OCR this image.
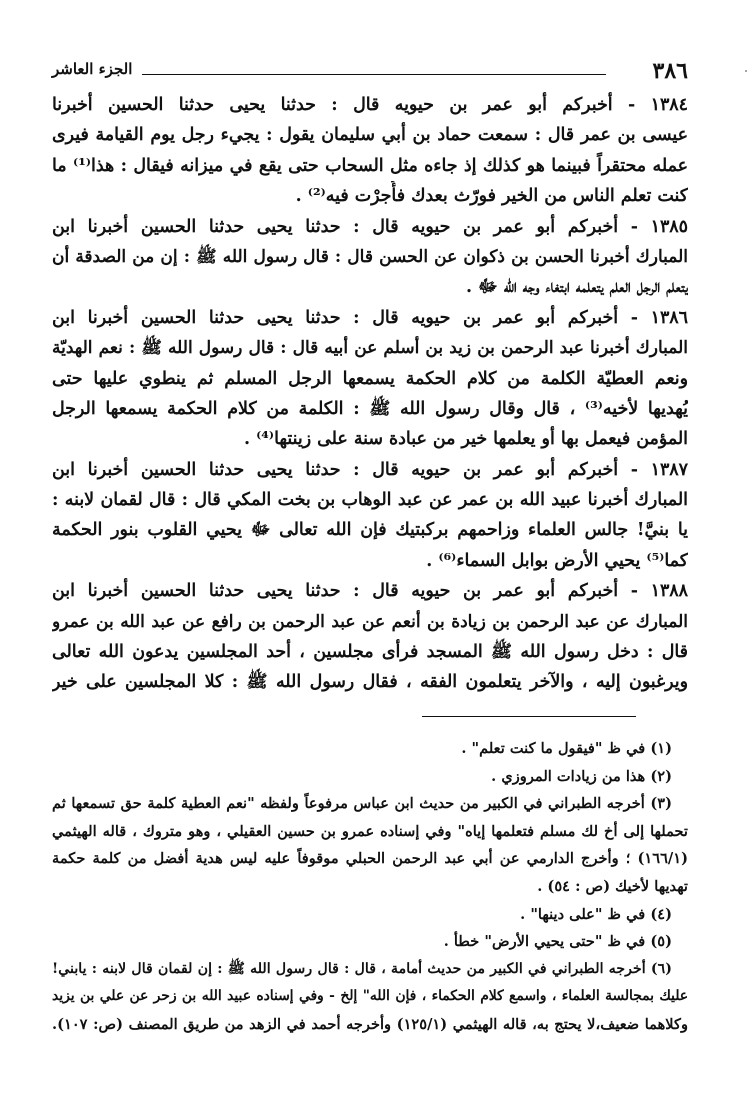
٣٨٦
الجزء العاشر
١٣٨٤ - أخبركم أبو عمر بن حيويه قال : حدثنا يحيى حدثنا الحسين أخبرنا
عيسى بن عمر قال : سمعت حماد بن أبي سليمان يقول : يجيء رجل يوم القيامة فيرى
عمله محتقراً فبينما هو كذلك إذ جاءه مثل السحاب حتى يقع في ميزانه فيقال : هذا⁽¹⁾ ما
كنت تعلم الناس من الخير فورّث بعدك فأُجرْت فيه⁽²⁾ .
١٣٨٥ - أخبركم أبو عمر بن حيويه قال : حدثنا يحيى حدثنا الحسين أخبرنا ابن
المبارك أخبرنا الحسن بن ذكوان عن الحسن قال : قال رسول الله ﷺ : إن من الصدقة أن
يتعلم الرجل العلم يتعلمه ابتغاء وجه الله ﷻ .
١٣٨٦ - أخبركم أبو عمر بن حيويه قال : حدثنا يحيى حدثنا الحسين أخبرنا ابن
المبارك أخبرنا عبد الرحمن بن زيد بن أسلم عن أبيه قال : قال رسول الله ﷺ : نعم الهديّة
ونعم العطيّة الكلمة من كلام الحكمة يسمعها الرجل المسلم ثم ينطوي عليها حتى
يُهديها لأخيه⁽³⁾ ، قال وقال رسول الله ﷺ : الكلمة من كلام الحكمة يسمعها الرجل
المؤمن فيعمل بها أو يعلمها خير من عبادة سنة على زينتها⁽⁴⁾ .
١٣٨٧ - أخبركم أبو عمر بن حيويه قال : حدثنا يحيى حدثنا الحسين أخبرنا ابن
المبارك أخبرنا عبيد الله بن عمر عن عبد الوهاب بن بخت المكي قال : قال لقمان لابنه :
يا بنيَّ! جالس العلماء وزاحمهم بركبتيك فإن الله تعالى ﷻ يحيي القلوب بنور الحكمة
كما⁽⁵⁾ يحيي الأرض بوابل السماء⁽⁶⁾ .
١٣٨٨ - أخبركم أبو عمر بن حيويه قال : حدثنا يحيى حدثنا الحسين أخبرنا ابن
المبارك عن عبد الرحمن بن زيادة بن أنعم عن عبد الرحمن بن رافع عن عبد الله بن عمرو
قال : دخل رسول الله ﷺ المسجد فرأى مجلسين ، أحد المجلسين يدعون الله تعالى
ويرغبون إليه ، والآخر يتعلمون الفقه ، فقال رسول الله ﷺ : كلا المجلسين على خير
(١) في ظ "فيقول ما كنت تعلم" .
(٢) هذا من زيادات المروزي .
(٣) أخرجه الطبراني في الكبير من حديث ابن عباس مرفوعاً ولفظه "نعم العطية كلمة حق تسمعها ثم
تحملها إلى أخ لك مسلم فتعلمها إياه" وفي إسناده عمرو بن حسين العقيلي ، وهو متروك ، قاله الهيثمي
(١٦٦/١) ؛ وأخرج الدارمي عن أبي عبد الرحمن الحبلي موقوفاً عليه ليس هدية أفضل من كلمة حكمة
تهديها لأخيك (ص : ٥٤) .
(٤) في ظ "على دينها" .
(٥) في ظ "حتى يحيي الأرض" خطأ .
(٦) أخرجه الطبراني في الكبير من حديث أمامة ، قال : قال رسول الله ﷺ : إن لقمان قال لابنه : يابني!
عليك بمجالسة العلماء ، واسمع كلام الحكماء ، فإن الله" إلخ - وفي إسناده عبيد الله بن زحر عن علي بن يزيد
وكلاهما ضعيف،لا يحتج به، قاله الهيثمي (١٢٥/١) وأخرجه أحمد في الزهد من طريق المصنف (ص: ١٠٧).
